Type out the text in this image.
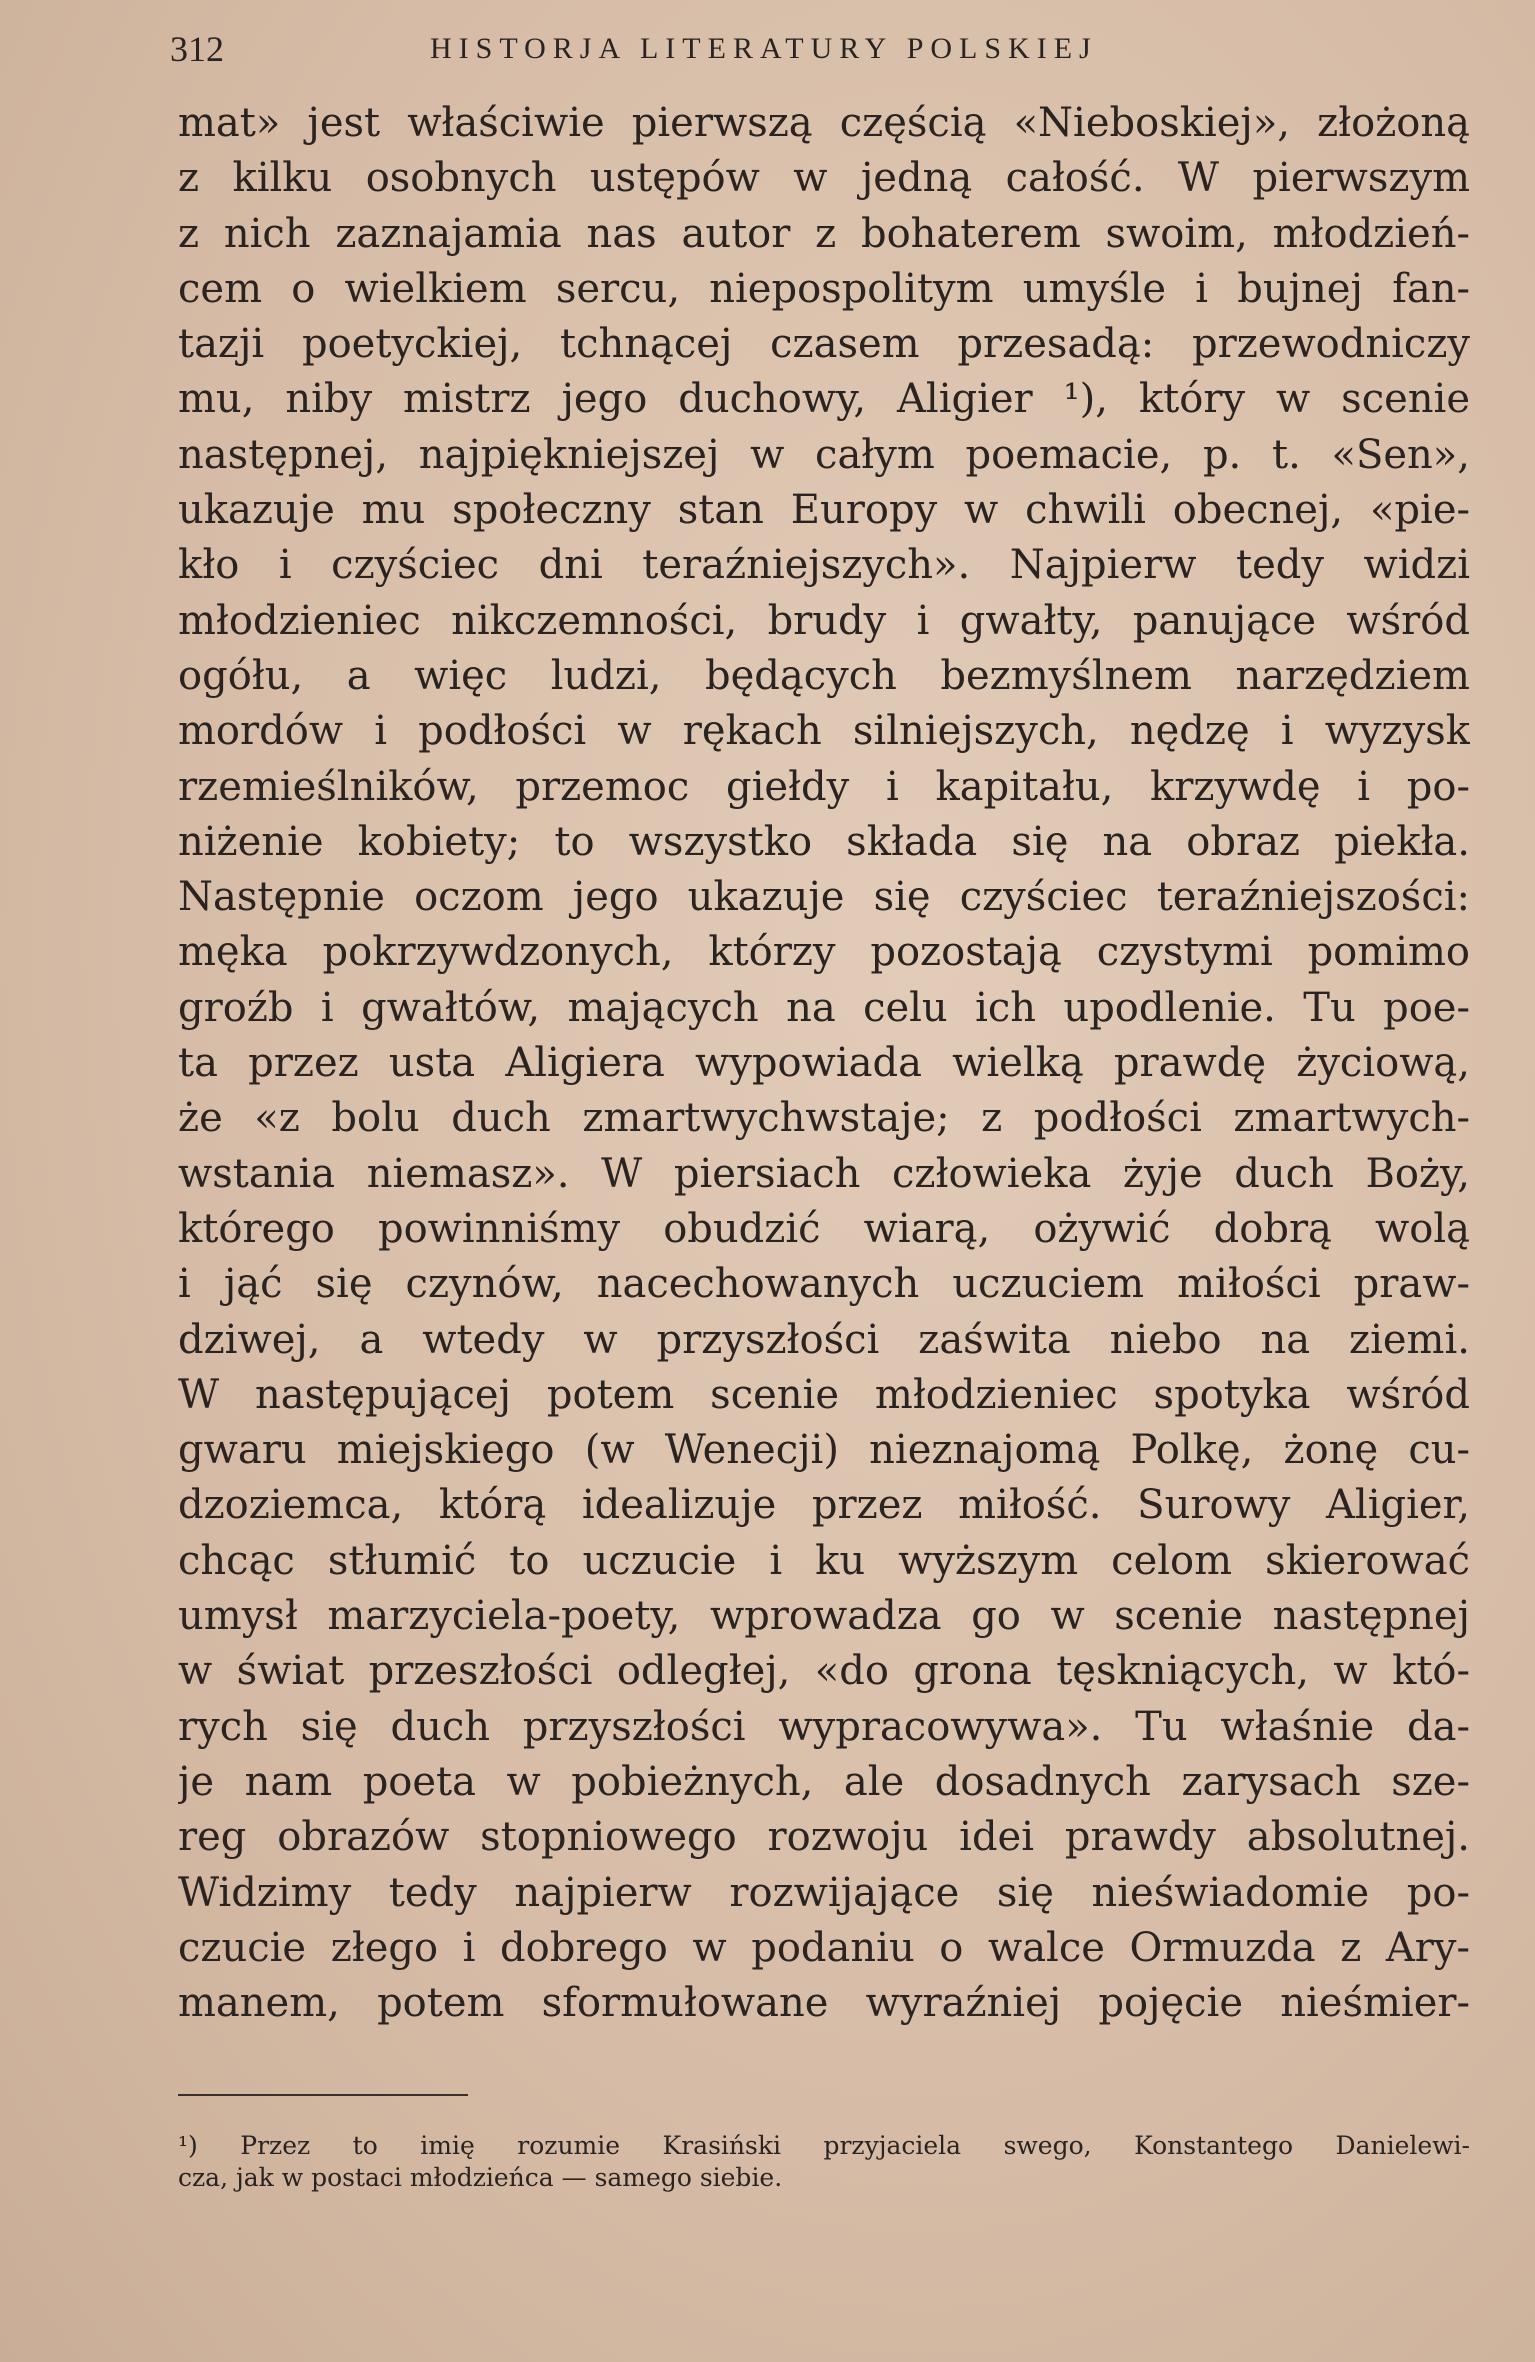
312	HISTORJA LITERATURY POLSKIEJ
mat» jest właściwie pierwszą częścią «Nieboskiej», złożoną
z kilku osobnych ustępów w jedną całość. W pierwszym
z nich zaznajamia nas autor z bohaterem swoim, młodzień-
cem o wielkiem sercu, niepospolitym umyśle i bujnej fan-
tazji poetyckiej, tchnącej czasem przesadą: przewodniczy
mu, niby mistrz jego duchowy, Aligier ¹), który w scenie
następnej, najpiękniejszej w całym poemacie, p. t. «Sen»,
ukazuje mu społeczny stan Europy w chwili obecnej, «pie-
kło i czyściec dni teraźniejszych». Najpierw tedy widzi
młodzieniec nikczemności, brudy i gwałty, panujące wśród
ogółu, a więc ludzi, będących bezmyślnem narzędziem
mordów i podłości w rękach silniejszych, nędzę i wyzysk
rzemieślników, przemoc giełdy i kapitału, krzywdę i po-
niżenie kobiety; to wszystko składa się na obraz piekła.
Następnie oczom jego ukazuje się czyściec teraźniejszości:
męka pokrzywdzonych, którzy pozostają czystymi pomimo
groźb i gwałtów, mających na celu ich upodlenie. Tu poe-
ta przez usta Aligiera wypowiada wielką prawdę życiową,
że «z bolu duch zmartwychwstaje; z podłości zmartwych-
wstania niemasz». W piersiach człowieka żyje duch Boży,
którego powinniśmy obudzić wiarą, ożywić dobrą wolą
i jąć się czynów, nacechowanych uczuciem miłości praw-
dziwej, a wtedy w przyszłości zaświta niebo na ziemi.
W następującej potem scenie młodzieniec spotyka wśród
gwaru miejskiego (w Wenecji) nieznajomą Polkę, żonę cu-
dzoziemca, którą idealizuje przez miłość. Surowy Aligier,
chcąc stłumić to uczucie i ku wyższym celom skierować
umysł marzyciela-poety, wprowadza go w scenie następnej
w świat przeszłości odległej, «do grona tęskniących, w któ-
rych się duch przyszłości wypracowywa». Tu właśnie da-
je nam poeta w pobieżnych, ale dosadnych zarysach sze-
reg obrazów stopniowego rozwoju idei prawdy absolutnej.
Widzimy tedy najpierw rozwijające się nieświadomie po-
czucie złego i dobrego w podaniu o walce Ormuzda z Ary-
manem, potem sformułowane wyraźniej pojęcie nieśmier-
¹) Przez to imię rozumie Krasiński przyjaciela swego, Konstantego Danielewi-
cza, jak w postaci młodzieńca — samego siebie.
